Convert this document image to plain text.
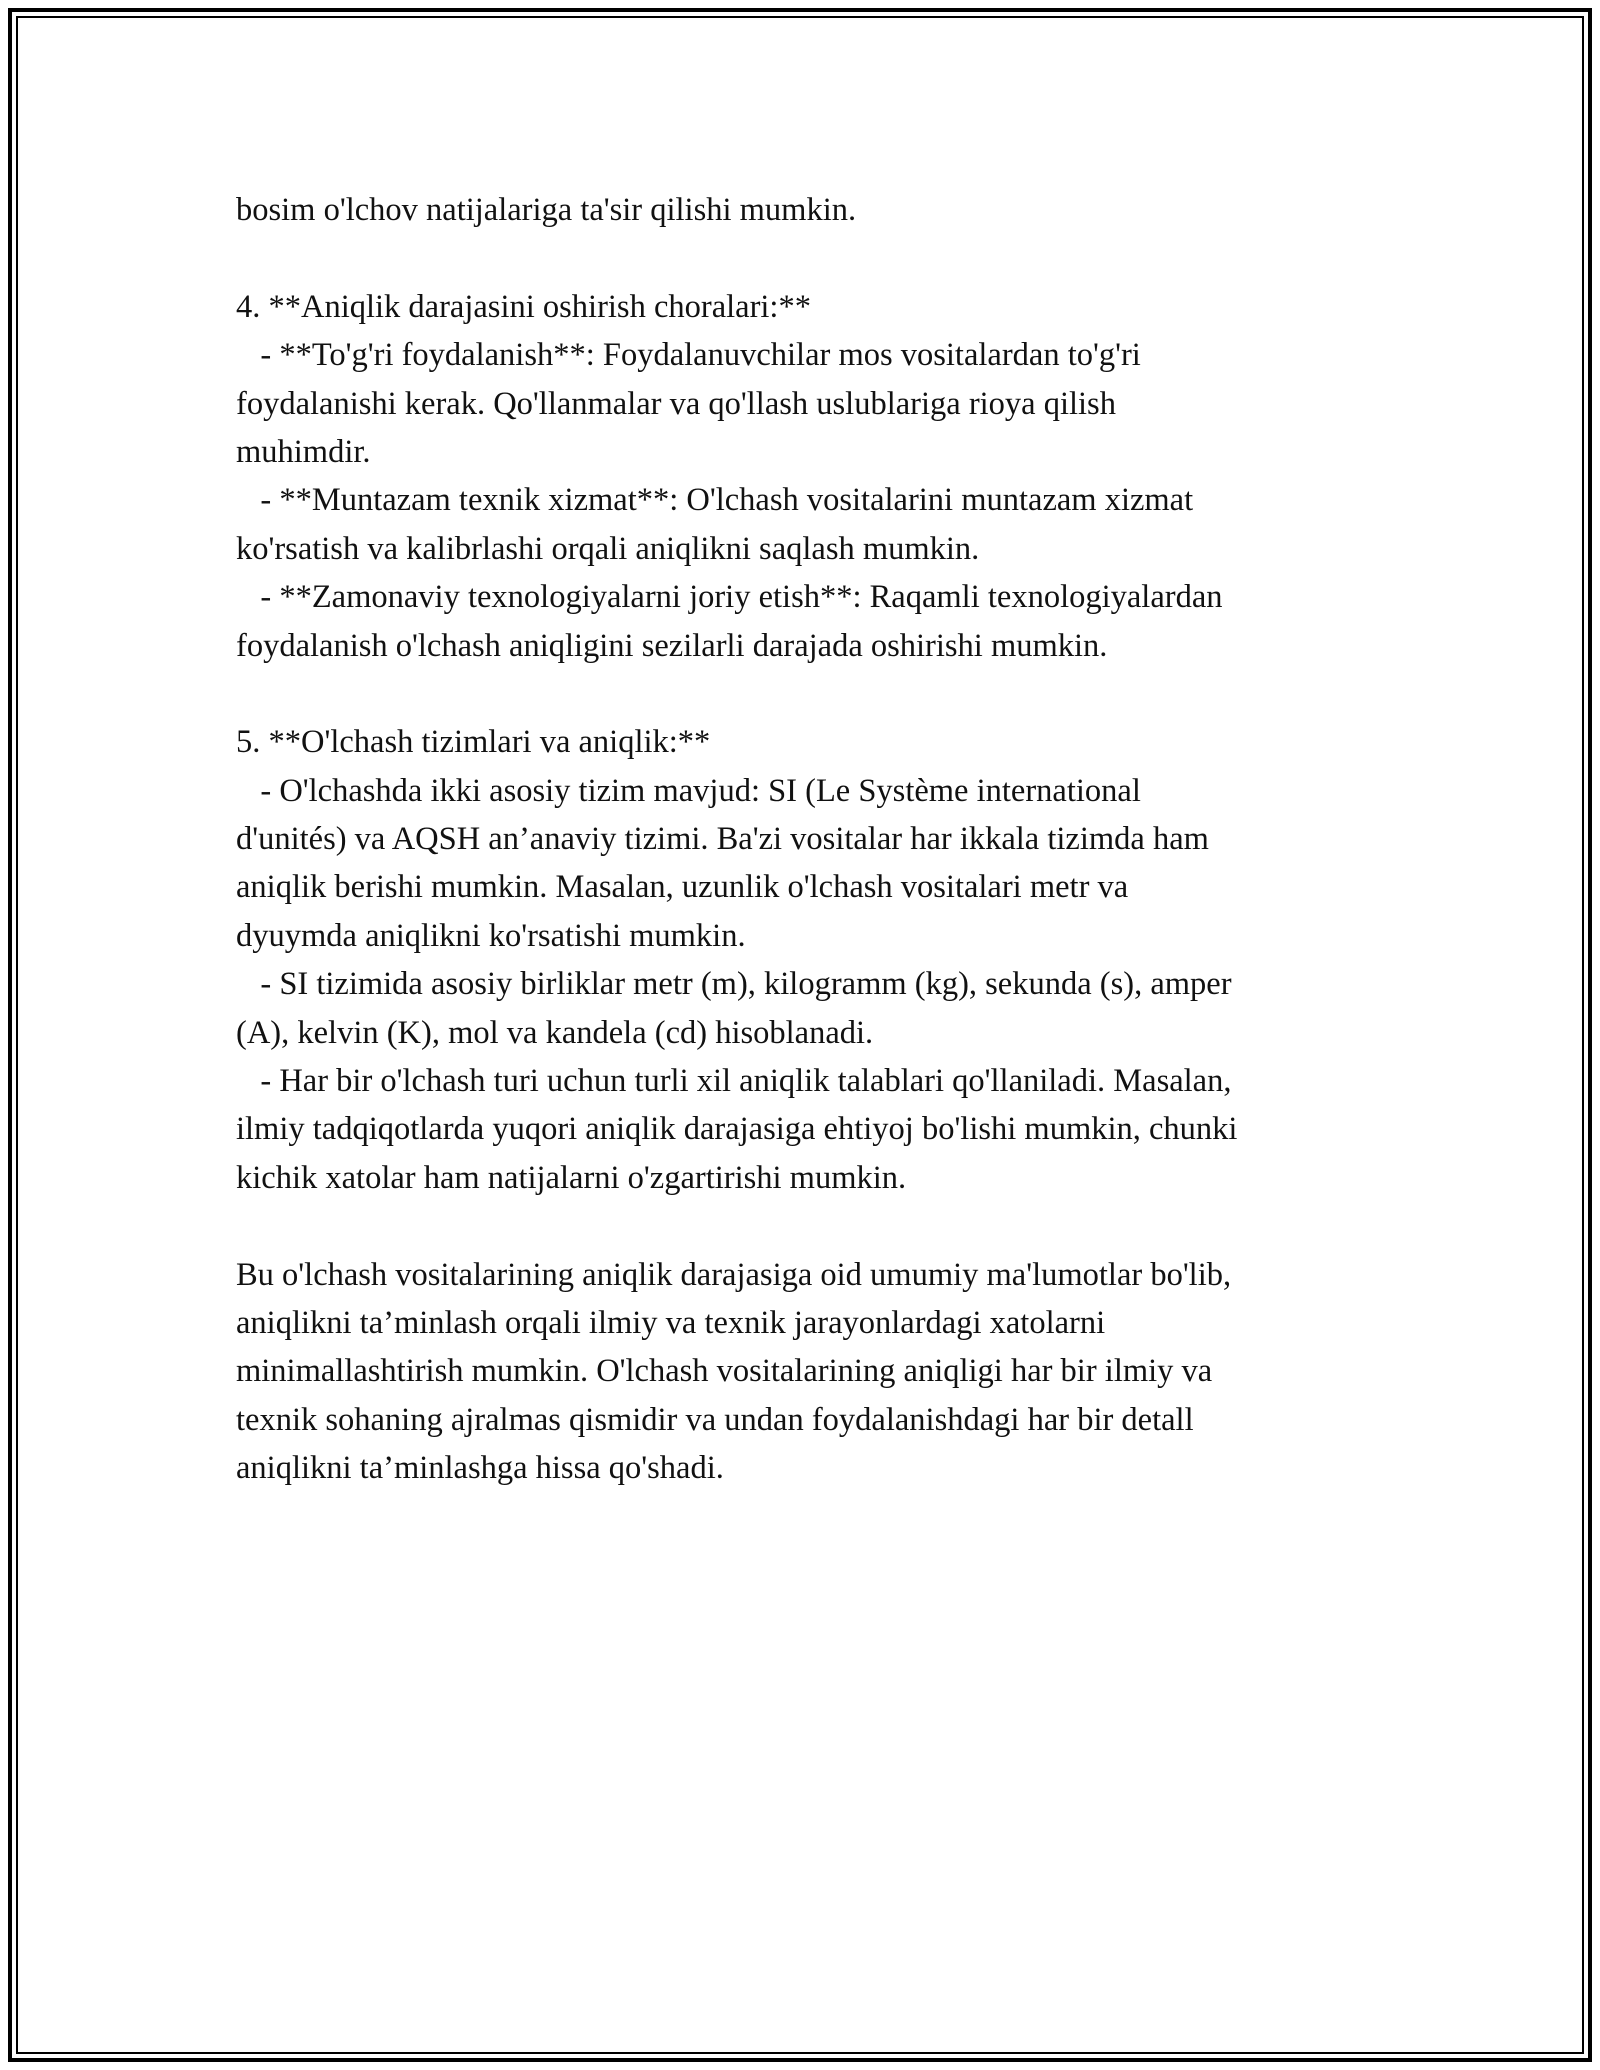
bosim o'lchov natijalariga ta'sir qilishi mumkin.
4. **Aniqlik darajasini oshirish choralari:**
- **To'g'ri foydalanish**: Foydalanuvchilar mos vositalardan to'g'ri
foydalanishi kerak. Qo'llanmalar va qo'llash uslublariga rioya qilish
muhimdir.
- **Muntazam texnik xizmat**: O'lchash vositalarini muntazam xizmat
ko'rsatish va kalibrlashi orqali aniqlikni saqlash mumkin.
- **Zamonaviy texnologiyalarni joriy etish**: Raqamli texnologiyalardan
foydalanish o'lchash aniqligini sezilarli darajada oshirishi mumkin.
5. **O'lchash tizimlari va aniqlik:**
- O'lchashda ikki asosiy tizim mavjud: SI (Le Système international
d'unités) va AQSH an’anaviy tizimi. Ba'zi vositalar har ikkala tizimda ham
aniqlik berishi mumkin. Masalan, uzunlik o'lchash vositalari metr va
dyuymda aniqlikni ko'rsatishi mumkin.
- SI tizimida asosiy birliklar metr (m), kilogramm (kg), sekunda (s), amper
(A), kelvin (K), mol va kandela (cd) hisoblanadi.
- Har bir o'lchash turi uchun turli xil aniqlik talablari qo'llaniladi. Masalan,
ilmiy tadqiqotlarda yuqori aniqlik darajasiga ehtiyoj bo'lishi mumkin, chunki
kichik xatolar ham natijalarni o'zgartirishi mumkin.
Bu o'lchash vositalarining aniqlik darajasiga oid umumiy ma'lumotlar bo'lib,
aniqlikni ta’minlash orqali ilmiy va texnik jarayonlardagi xatolarni
minimallashtirish mumkin. O'lchash vositalarining aniqligi har bir ilmiy va
texnik sohaning ajralmas qismidir va undan foydalanishdagi har bir detall
aniqlikni ta’minlashga hissa qo'shadi.
